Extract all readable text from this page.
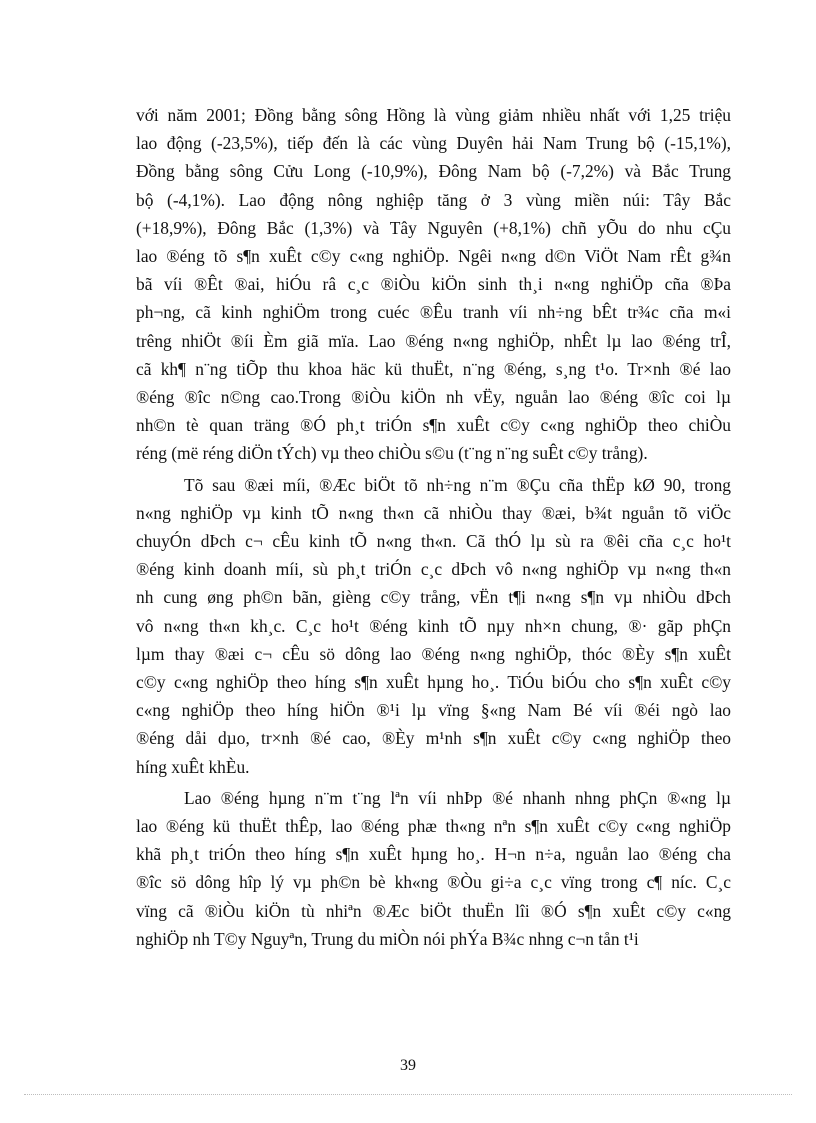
với năm 2001; Đồng bằng sông Hồng là vùng giảm nhiều nhất với 1,25 triệu
lao động (-23,5%), tiếp đến là các vùng Duyên hải Nam Trung bộ (-15,1%),
Đồng bằng sông Cửu Long (-10,9%), Đông Nam bộ (-7,2%) và Bắc Trung
bộ (-4,1%). Lao động nông nghiệp tăng ở 3 vùng miền núi: Tây Bắc
(+18,9%), Đông Bắc (1,3%) và Tây Nguyên (+8,1%) chñ yÕu do nhu cÇu
lao ®éng tõ s¶n xuÊt c©y c«ng nghiÖp. Ngêi n«ng d©n ViÖt Nam rÊt g¾n
bã víi ®Êt ®ai, hiÓu râ c¸c ®iÒu kiÖn sinh th¸i n«ng nghiÖp cña ®Þa
ph¬ng, cã kinh nghiÖm trong cuéc ®Êu tranh víi nh÷ng bÊt tr¾c cña m«i
trêng nhiÖt ®íi Èm giã mïa. Lao ®éng n«ng nghiÖp, nhÊt lµ lao ®éng trÎ,
cã kh¶ n¨ng tiÕp thu khoa häc kü thuËt, n¨ng ®éng, s¸ng t¹o. Tr×nh ®é lao
®éng ®îc n©ng cao.Trong ®iÒu kiÖn nh vËy, nguån lao ®éng ®îc coi lµ
nh©n tè quan träng ®Ó ph¸t triÓn s¶n xuÊt c©y c«ng nghiÖp theo chiÒu
réng (më réng diÖn tÝch) vµ theo chiÒu s©u (t¨ng n¨ng suÊt c©y trång).
Tõ sau ®æi míi, ®Æc biÖt tõ nh÷ng n¨m ®Çu cña thËp kØ 90, trong
n«ng nghiÖp vµ kinh tÕ n«ng th«n cã nhiÒu thay ®æi, b¾t nguån tõ viÖc
chuyÓn dÞch c¬ cÊu kinh tÕ n«ng th«n. Cã thÓ lµ sù ra ®êi cña c¸c ho¹t
®éng kinh doanh míi, sù ph¸t triÓn c¸c dÞch vô n«ng nghiÖp vµ n«ng th«n
nh cung øng ph©n bãn, gièng c©y trång, vËn t¶i n«ng s¶n vµ nhiÒu dÞch
vô n«ng th«n kh¸c. C¸c ho¹t ®éng kinh tÕ nµy nh×n chung, ®· gãp phÇn
lµm thay ®æi c¬ cÊu sö dông lao ®éng n«ng nghiÖp, thóc ®Èy s¶n xuÊt
c©y c«ng nghiÖp theo híng s¶n xuÊt hµng ho¸. TiÓu biÓu cho s¶n xuÊt c©y
c«ng nghiÖp theo híng hiÖn ®¹i lµ vïng §«ng Nam Bé víi ®éi ngò lao
®éng dåi dµo, tr×nh ®é cao, ®Èy m¹nh s¶n xuÊt c©y c«ng nghiÖp theo
híng xuÊt khÈu.
Lao ®éng hµng n¨m t¨ng lªn víi nhÞp ®é nhanh nhng phÇn ®«ng lµ
lao ®éng kü thuËt thÊp, lao ®éng phæ th«ng nªn s¶n xuÊt c©y c«ng nghiÖp
khã ph¸t triÓn theo híng s¶n xuÊt hµng ho¸. H¬n n÷a, nguån lao ®éng cha
®îc sö dông hîp lý vµ ph©n bè kh«ng ®Òu gi÷a c¸c vïng trong c¶ níc. C¸c
vïng cã ®iÒu kiÖn tù nhiªn ®Æc biÖt thuËn lîi ®Ó s¶n xuÊt c©y c«ng
nghiÖp nh T©y Nguyªn, Trung du miÒn nói phÝa B¾c nhng c¬n tån t¹i
39
